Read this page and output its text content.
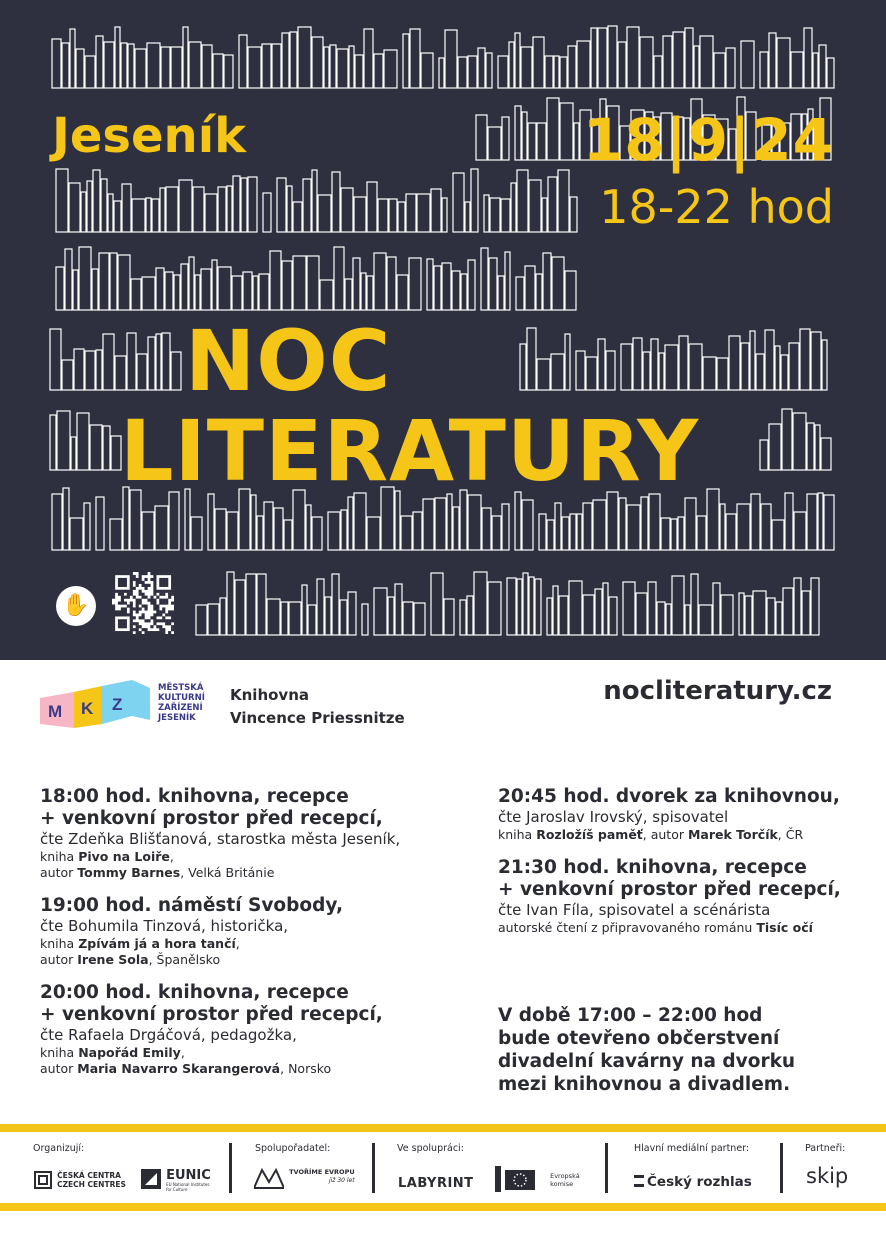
Jeseník	18|9|24
18-22 hod
NOC
LITERATURY
✋
M K Z
MĚSTSKÁ
KULTURNÍ
ZAŘÍZENÍ
JESENÍK
Knihovna
Vincence Priessnitze
nocliteratury.cz
18:00 hod. knihovna, recepce
+ venkovní prostor před recepcí,
čte Zdeňka Blišťanová, starostka města Jeseník,
kniha Pivo na Loiře,
autor Tommy Barnes, Velká Británie
19:00 hod. náměstí Svobody,
čte Bohumila Tinzová, historička,
kniha Zpívám já a hora tančí,
autor Irene Sola, Španělsko
20:00 hod. knihovna, recepce
+ venkovní prostor před recepcí,
čte Rafaela Drgáčová, pedagožka,
kniha Napořád Emily,
autor Maria Navarro Skarangerová, Norsko
20:45 hod. dvorek za knihovnou,
čte Jaroslav Irovský, spisovatel
kniha Rozložíš paměť, autor Marek Torčík, ČR
21:30 hod. knihovna, recepce
+ venkovní prostor před recepcí,
čte Ivan Fíla, spisovatel a scénárista
autorské čtení z připravovaného románu Tisíc očí
V době 17:00 – 22:00 hod
bude otevřeno občerstvení
divadelní kavárny na dvorku
mezi knihovnou a divadlem.
Organizují:	Spolupořadatel:	Ve spolupráci:	Hlavní mediální partner:	Partneři:
ČESKÁ CENTRA
CZECH CENTRES

EUNIC
EU National Institutes for Culture

TVOŘÍME EVROPU
již 30 let	LABYRINT
	Evropská
komise	Český rozhlas	skip
